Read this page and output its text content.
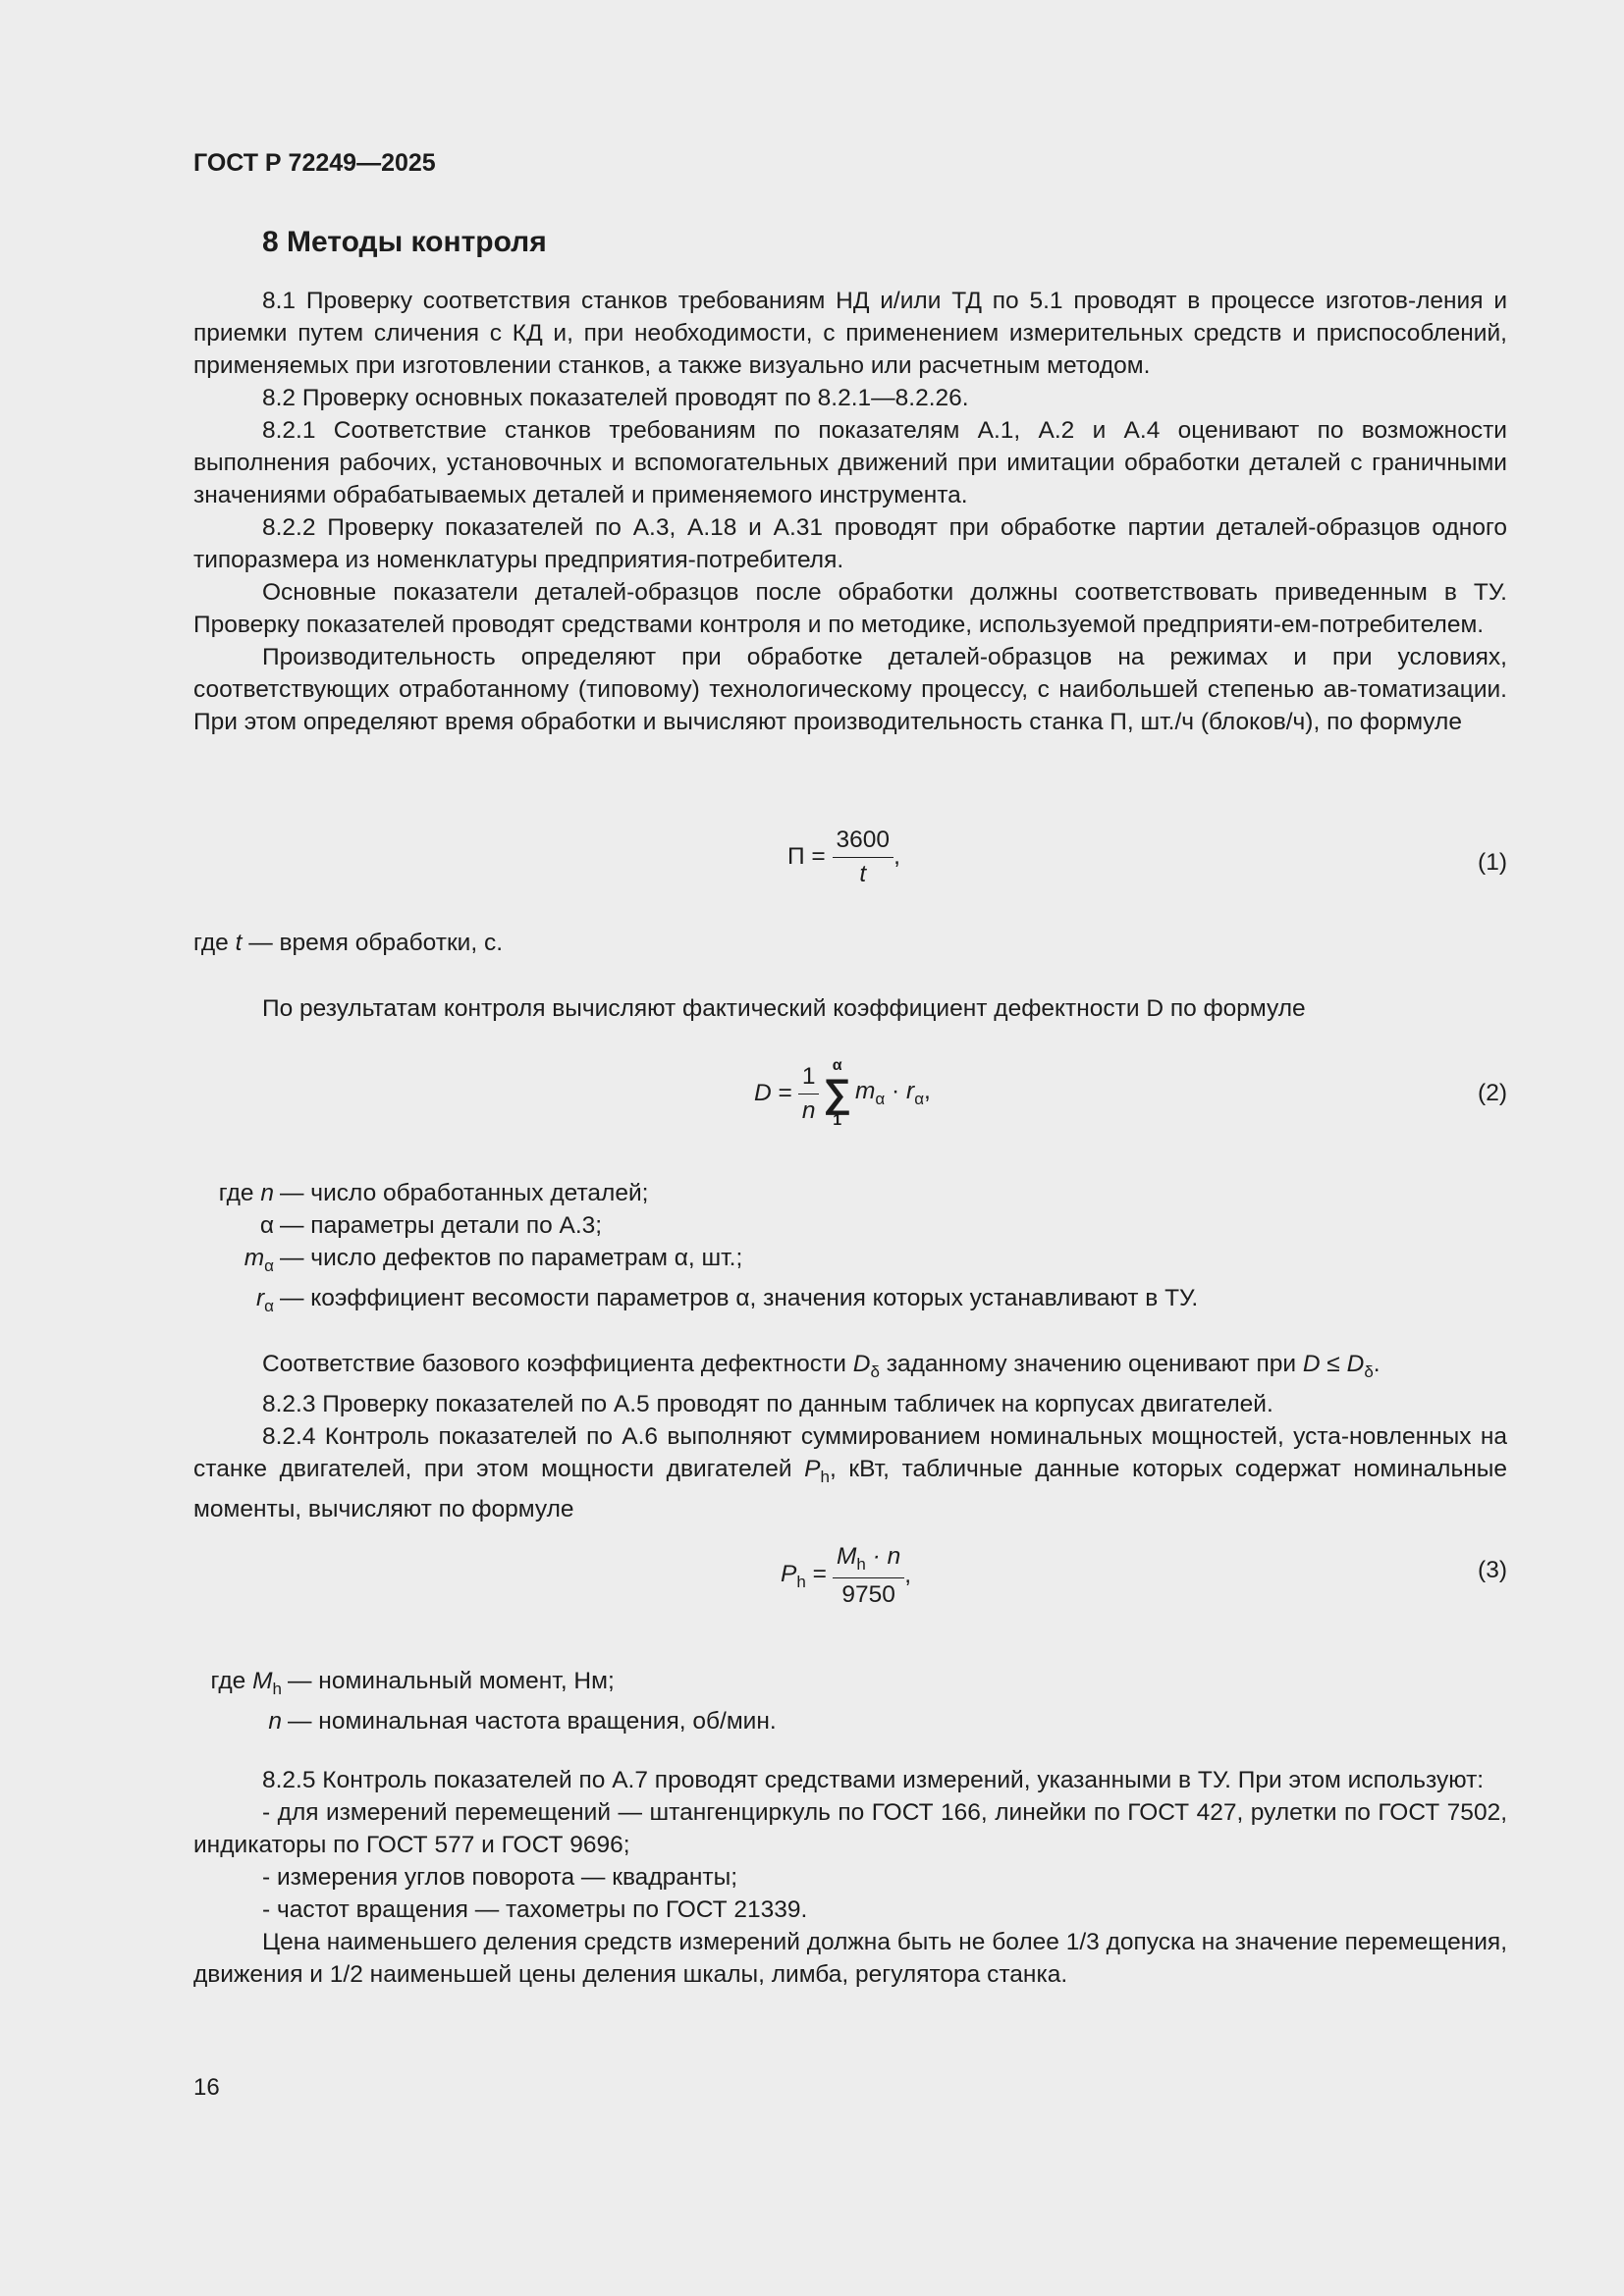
ГОСТ Р 72249—2025
8 Методы контроля

8.1 Проверку соответствия станков требованиям НД и/или ТД по 5.1 проводят в процессе изготов-ления и приемки путем сличения с КД и, при необходимости, с применением измерительных средств и приспособлений, применяемых при изготовлении станков, а также визуально или расчетным методом.

8.2 Проверку основных показателей проводят по 8.2.1—8.2.26.

8.2.1 Соответствие станков требованиям по показателям А.1, А.2 и А.4 оценивают по возможности выполнения рабочих, установочных и вспомогательных движений при имитации обработки деталей с граничными значениями обрабатываемых деталей и применяемого инструмента.

8.2.2 Проверку показателей по А.3, А.18 и А.31 проводят при обработке партии деталей-образцов одного типоразмера из номенклатуры предприятия-потребителя.

Основные показатели деталей-образцов после обработки должны соответствовать приведенным в ТУ. Проверку показателей проводят средствами контроля и по методике, используемой предприяти-ем-потребителем.

Производительность определяют при обработке деталей-образцов на режимах и при условиях, соответствующих отработанному (типовому) технологическому процессу, с наибольшей степенью ав-томатизации. При этом определяют время обработки и вычисляют производительность станка П, шт./ч (блоков/ч), по формуле

$П = \frac{3600}{t}$ ,	(1)

где t — время обработки, с.

По результатам контроля вычисляют фактический коэффициент дефектности D по формуле

$D = \frac{1}{n}$ α
∑
1
$m_\alpha \cdot r_\alpha$,	(2)
где n — число обработанных деталей;
α — параметры детали по А.3;
$m_\alpha$ — число дефектов по параметрам α, шт.;
$r_\alpha$ — коэффициент весомости параметров α, значения которых устанавливают в ТУ.

Соответствие базового коэффициента дефектности $D_\delta$ заданному значению оценивают при $D \le D_\delta$.

8.2.3 Проверку показателей по А.5 проводят по данным табличек на корпусах двигателей.

8.2.4 Контроль показателей по А.6 выполняют суммированием номинальных мощностей, уста-новленных на станке двигателей, при этом мощности двигателей $P_h$, кВт, табличные данные которых содержат номинальные моменты, вычисляют по формуле

$P_h = \frac{M_h \cdot n}{9750}$ ,	(3)
где $M_h$ — номинальный момент, Нм;
n — номинальная частота вращения, об/мин.

8.2.5 Контроль показателей по А.7 проводят средствами измерений, указанными в ТУ. При этом используют:

- для измерений перемещений — штангенциркуль по ГОСТ 166, линейки по ГОСТ 427, рулетки по ГОСТ 7502, индикаторы по ГОСТ 577 и ГОСТ 9696;

- измерения углов поворота — квадранты;

- частот вращения — тахометры по ГОСТ 21339.

Цена наименьшего деления средств измерений должна быть не более 1/3 допуска на значение перемещения, движения и 1/2 наименьшей цены деления шкалы, лимба, регулятора станка.

16
